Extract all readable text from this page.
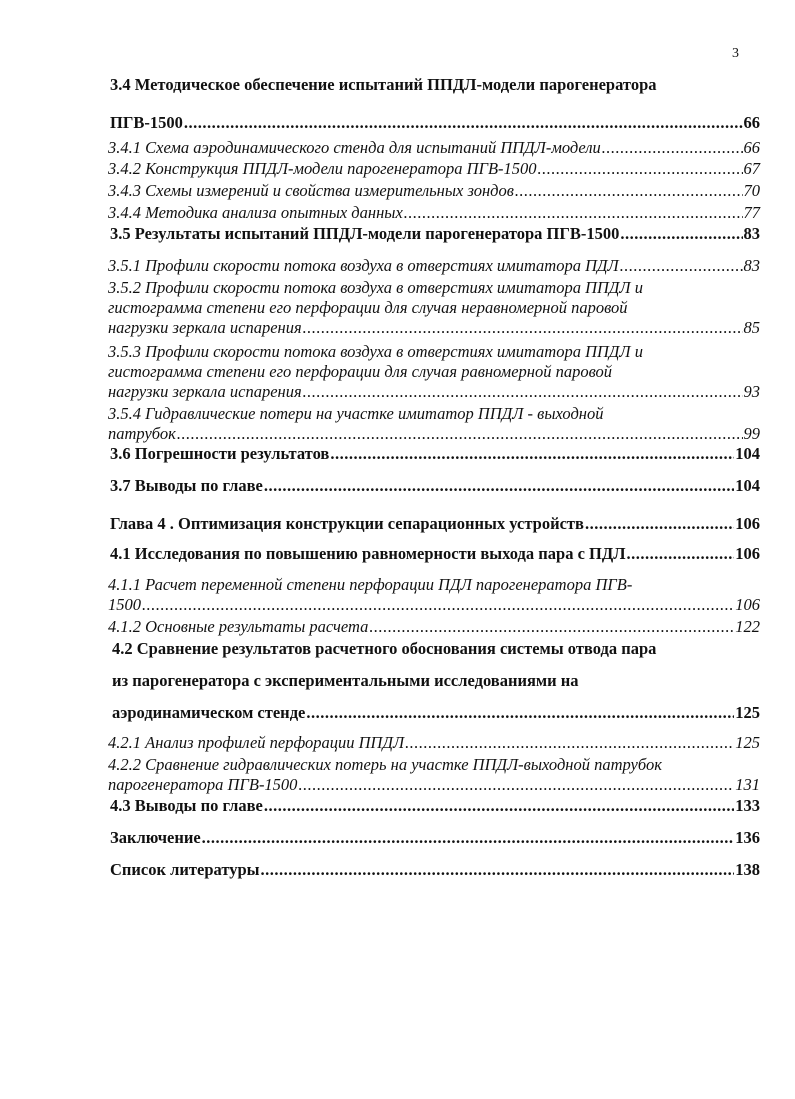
3
3.4 Методическое обеспечение испытаний ППДЛ-модели парогенератора
ПГВ-1500 .....	66
3.4.1 Схема аэродинамического стенда для испытаний ППДЛ-модели .....	66
3.4.2 Конструкция ППДЛ-модели парогенератора ПГВ-1500 .....	67
3.4.3 Схемы измерений и свойства измерительных зондов .....	70
3.4.4 Методика анализа опытных данных .....	77
3.5 Результаты испытаний ППДЛ-модели парогенератора ПГВ-1500 .....	83
3.5.1 Профили скорости потока воздуха в отверстиях имитатора ПДЛ .....	83
3.5.2 Профили скорости потока воздуха в отверстиях имитатора ППДЛ и
гистограмма степени его перфорации для случая неравномерной паровой
нагрузки зеркала испарения .....	85
3.5.3 Профили скорости потока воздуха в отверстиях имитатора ППДЛ и
гистограмма степени его перфорации для случая равномерной паровой
нагрузки зеркала испарения .....	93
3.5.4 Гидравлические потери на участке имитатор ППДЛ - выходной
патрубок .....	99
3.6 Погрешности результатов .....	104
3.7 Выводы по главе .....	104
Глава 4 . Оптимизация конструкции сепарационных устройств .....	106
4.1 Исследования по повышению равномерности выхода пара с ПДЛ .....	106
4.1.1 Расчет переменной степени перфорации ПДЛ парогенератора ПГВ-
1500 .....	106
4.1.2 Основные результаты расчета .....	122
4.2 Сравнение результатов расчетного обоснования системы отвода пара
из парогенератора с экспериментальными исследованиями на
аэродинамическом стенде .....	125
4.2.1 Анализ профилей перфорации ППДЛ .....	125
4.2.2 Сравнение гидравлических потерь на участке ППДЛ-выходной патрубок
парогенератора ПГВ-1500 .....	131
4.3 Выводы по главе .....	133
Заключение .....	136
Список литературы .....	138
